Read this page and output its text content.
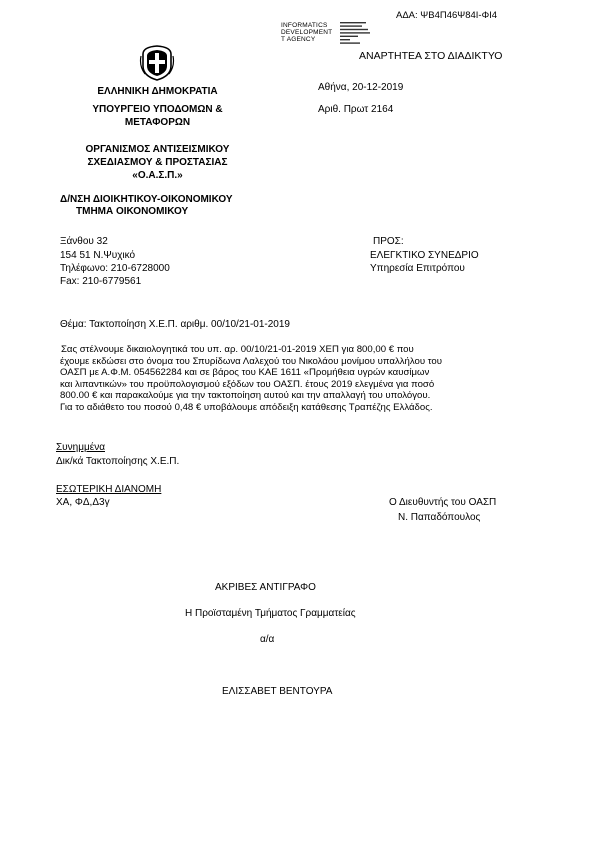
ΑΔΑ: ΨΒ4Π46Ψ84Ι-ΦΙ4
INFORMATICS
DEVELOPMENT
T AGENCY
ΑΝΑΡΤΗΤΕΑ ΣΤΟ ΔΙΑΔΙΚΤΥΟ
ΕΛΛΗΝΙΚΗ ΔΗΜΟΚΡΑΤΙΑ
ΥΠΟΥΡΓΕΙΟ ΥΠΟΔΟΜΩΝ &
ΜΕΤΑΦΟΡΩΝ
ΟΡΓΑΝΙΣΜΟΣ ΑΝΤΙΣΕΙΣΜΙΚΟΥ
ΣΧΕΔΙΑΣΜΟΥ & ΠΡΟΣΤΑΣΙΑΣ
«Ο.Α.Σ.Π.»
Δ/ΝΣΗ ΔΙΟΙΚΗΤΙΚΟΥ-ΟΙΚΟΝΟΜΙΚΟΥ
ΤΜΗΜΑ ΟΙΚΟΝΟΜΙΚΟΥ
Αθήνα, 20-12-2019
Αριθ. Πρωτ 2164
Ξάνθου 32
154 51 Ν.Ψυχικό
Τηλέφωνο: 210-6728000
Fax: 210-6779561
ΠΡΟΣ:
ΕΛΕΓΚΤΙΚΟ ΣΥΝΕΔΡΙΟ
Υπηρεσία Επιτρόπου
Θέμα: Τακτοποίηση Χ.Ε.Π. αριθμ. 00/10/21-01-2019
Σας στέλνουμε δικαιολογητικά του υπ. αρ. 00/10/21-01-2019 ΧΕΠ για 800,00 € που
έχουμε εκδώσει στο όνομα του Σπυρίδωνα Λαλεχού του Νικολάου μονίμου υπαλλήλου του
ΟΑΣΠ με Α.Φ.Μ. 054562284 και σε βάρος του ΚΑΕ 1611 «Προμήθεια υγρών καυσίμων
και λιπαντικών» του προϋπολογισμού εξόδων του ΟΑΣΠ. έτους 2019 ελεγμένα για ποσό
800.00 € και παρακαλούμε για την τακτοποίηση αυτού και την απαλλαγή του υπολόγου.
Για το αδιάθετο του ποσού 0,48 € υποβάλουμε απόδειξη κατάθεσης Τραπέζης Ελλάδος.
Συνημμένα
Δικ/κά Τακτοποίησης Χ.Ε.Π.
ΕΣΩΤΕΡΙΚΗ ΔΙΑΝΟΜΗ
ΧΑ, ΦΔ,Δ3γ	Ο Διευθυντής του ΟΑΣΠ
Ν. Παπαδόπουλος
ΑΚΡΙΒΕΣ ΑΝΤΙΓΡΑΦΟ
Η Προϊσταμένη Τμήματος Γραμματείας
α/α
ΕΛΙΣΣΑΒΕΤ ΒΕΝΤΟΥΡΑ
